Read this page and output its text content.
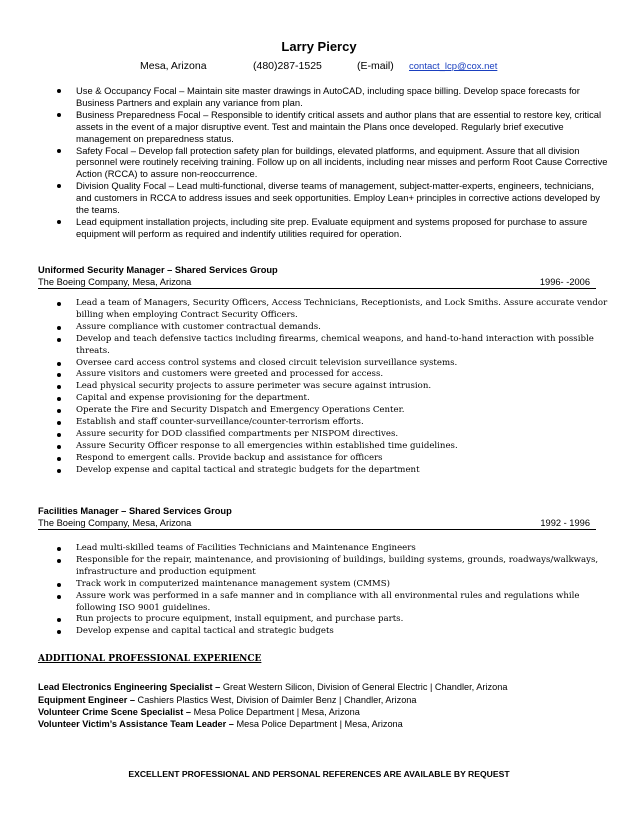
Larry Piercy
Mesa, Arizona	(480)287-1525	(E-mail) contact_lcp@cox.net
Use & Occupancy Focal – Maintain site master drawings in AutoCAD, including space billing. Develop space forecasts for Business Partners and explain any variance from plan.
Business Preparedness Focal – Responsible to identify critical assets and author plans that are essential to restore key, critical assets in the event of a major disruptive event. Test and maintain the Plans once developed. Regularly brief executive management on preparedness status.
Safety Focal – Develop fall protection safety plan for buildings, elevated platforms, and equipment. Assure that all division personnel were routinely receiving training. Follow up on all incidents, including near misses and perform Root Cause Corrective Action (RCCA) to assure non-reoccurrence.
Division Quality Focal – Lead multi-functional, diverse teams of management, subject-matter-experts, engineers, technicians, and customers in RCCA to address issues and seek opportunities. Employ Lean+ principles in corrective actions developed by the teams.
Lead equipment installation projects, including site prep. Evaluate equipment and systems proposed for purchase to assure equipment will perform as required and indentify utilities required for operation.
Uniformed Security Manager – Shared Services Group
The Boeing Company, Mesa, Arizona	1996- -2006
Lead a team of Managers, Security Officers, Access Technicians, Receptionists, and Lock Smiths. Assure accurate vendor billing when employing Contract Security Officers.
Assure compliance with customer contractual demands.
Develop and teach defensive tactics including firearms, chemical weapons, and hand-to-hand interaction with possible threats.
Oversee card access control systems and closed circuit television surveillance systems.
Assure visitors and customers were greeted and processed for access.
Lead physical security projects to assure perimeter was secure against intrusion.
Capital and expense provisioning for the department.
Operate the Fire and Security Dispatch and Emergency Operations Center.
Establish and staff counter-surveillance/counter-terrorism efforts.
Assure security for DOD classified compartments per NISPOM directives.
Assure Security Officer response to all emergencies within established time guidelines.
Respond to emergent calls. Provide backup and assistance for officers
Develop expense and capital tactical and strategic budgets for the department
Facilities Manager – Shared Services Group
The Boeing Company, Mesa, Arizona	1992 - 1996
Lead multi-skilled teams of Facilities Technicians and Maintenance Engineers
Responsible for the repair, maintenance, and provisioning of buildings, building systems, grounds, roadways/walkways, infrastructure and production equipment
Track work in computerized maintenance management system (CMMS)
Assure work was performed in a safe manner and in compliance with all environmental rules and regulations while following ISO 9001 guidelines.
Run projects to procure equipment, install equipment, and purchase parts.
Develop expense and capital tactical and strategic budgets
ADDITIONAL PROFESSIONAL EXPERIENCE
Lead Electronics Engineering Specialist – Great Western Silicon, Division of General Electric | Chandler, Arizona
Equipment Engineer – Cashiers Plastics West, Division of Daimler Benz | Chandler, Arizona
Volunteer Crime Scene Specialist – Mesa Police Department | Mesa, Arizona
Volunteer Victim’s Assistance Team Leader – Mesa Police Department | Mesa, Arizona
EXCELLENT PROFESSIONAL AND PERSONAL REFERENCES ARE AVAILABLE BY REQUEST
